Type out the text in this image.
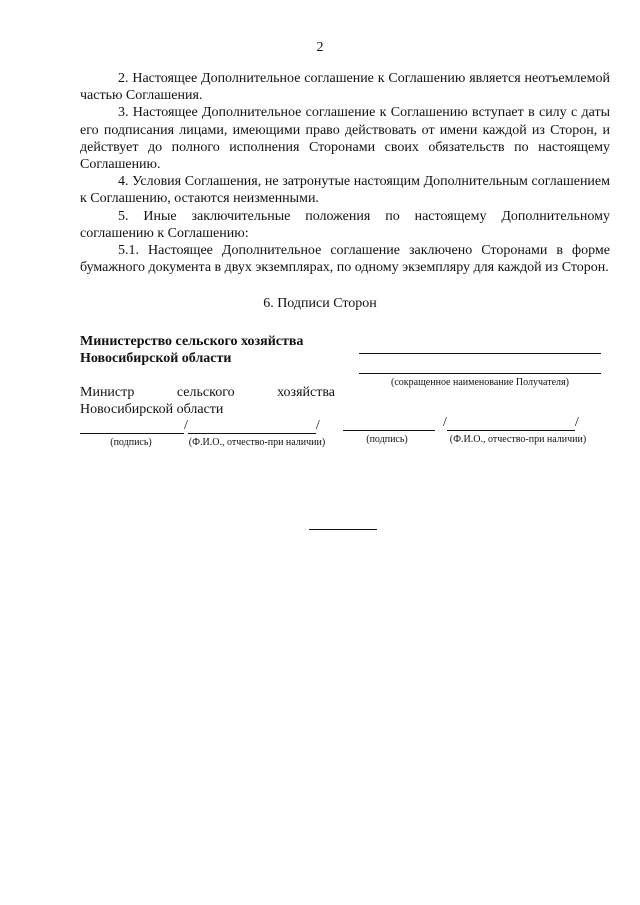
2

2. Настоящее Дополнительное соглашение к Соглашению является неотъемлемой частью Соглашения.

3. Настоящее Дополнительное соглашение к Соглашению вступает в силу с даты его подписания лицами, имеющими право действовать от имени каждой из Сторон, и действует до полного исполнения Сторонами своих обязательств по настоящему Соглашению.

4. Условия Соглашения, не затронутые настоящим Дополнительным соглашением к Соглашению, остаются неизменными.

5. Иные заключительные положения по настоящему Дополнительному соглашению к Соглашению:

5.1. Настоящее Дополнительное соглашение заключено Сторонами в форме бумажного документа в двух экземплярах, по одному экземпляру для каждой из Сторон.

6. Подписи Сторон
Министерство сельского хозяйства
Новосибирской области
Министр	сельского	хозяйства
Новосибирской области
/	/
(подпись)	(Ф.И.О., отчество-при наличии)
(сокращенное наименование Получателя)
/	/
(подпись)	(Ф.И.О., отчество-при наличии)
